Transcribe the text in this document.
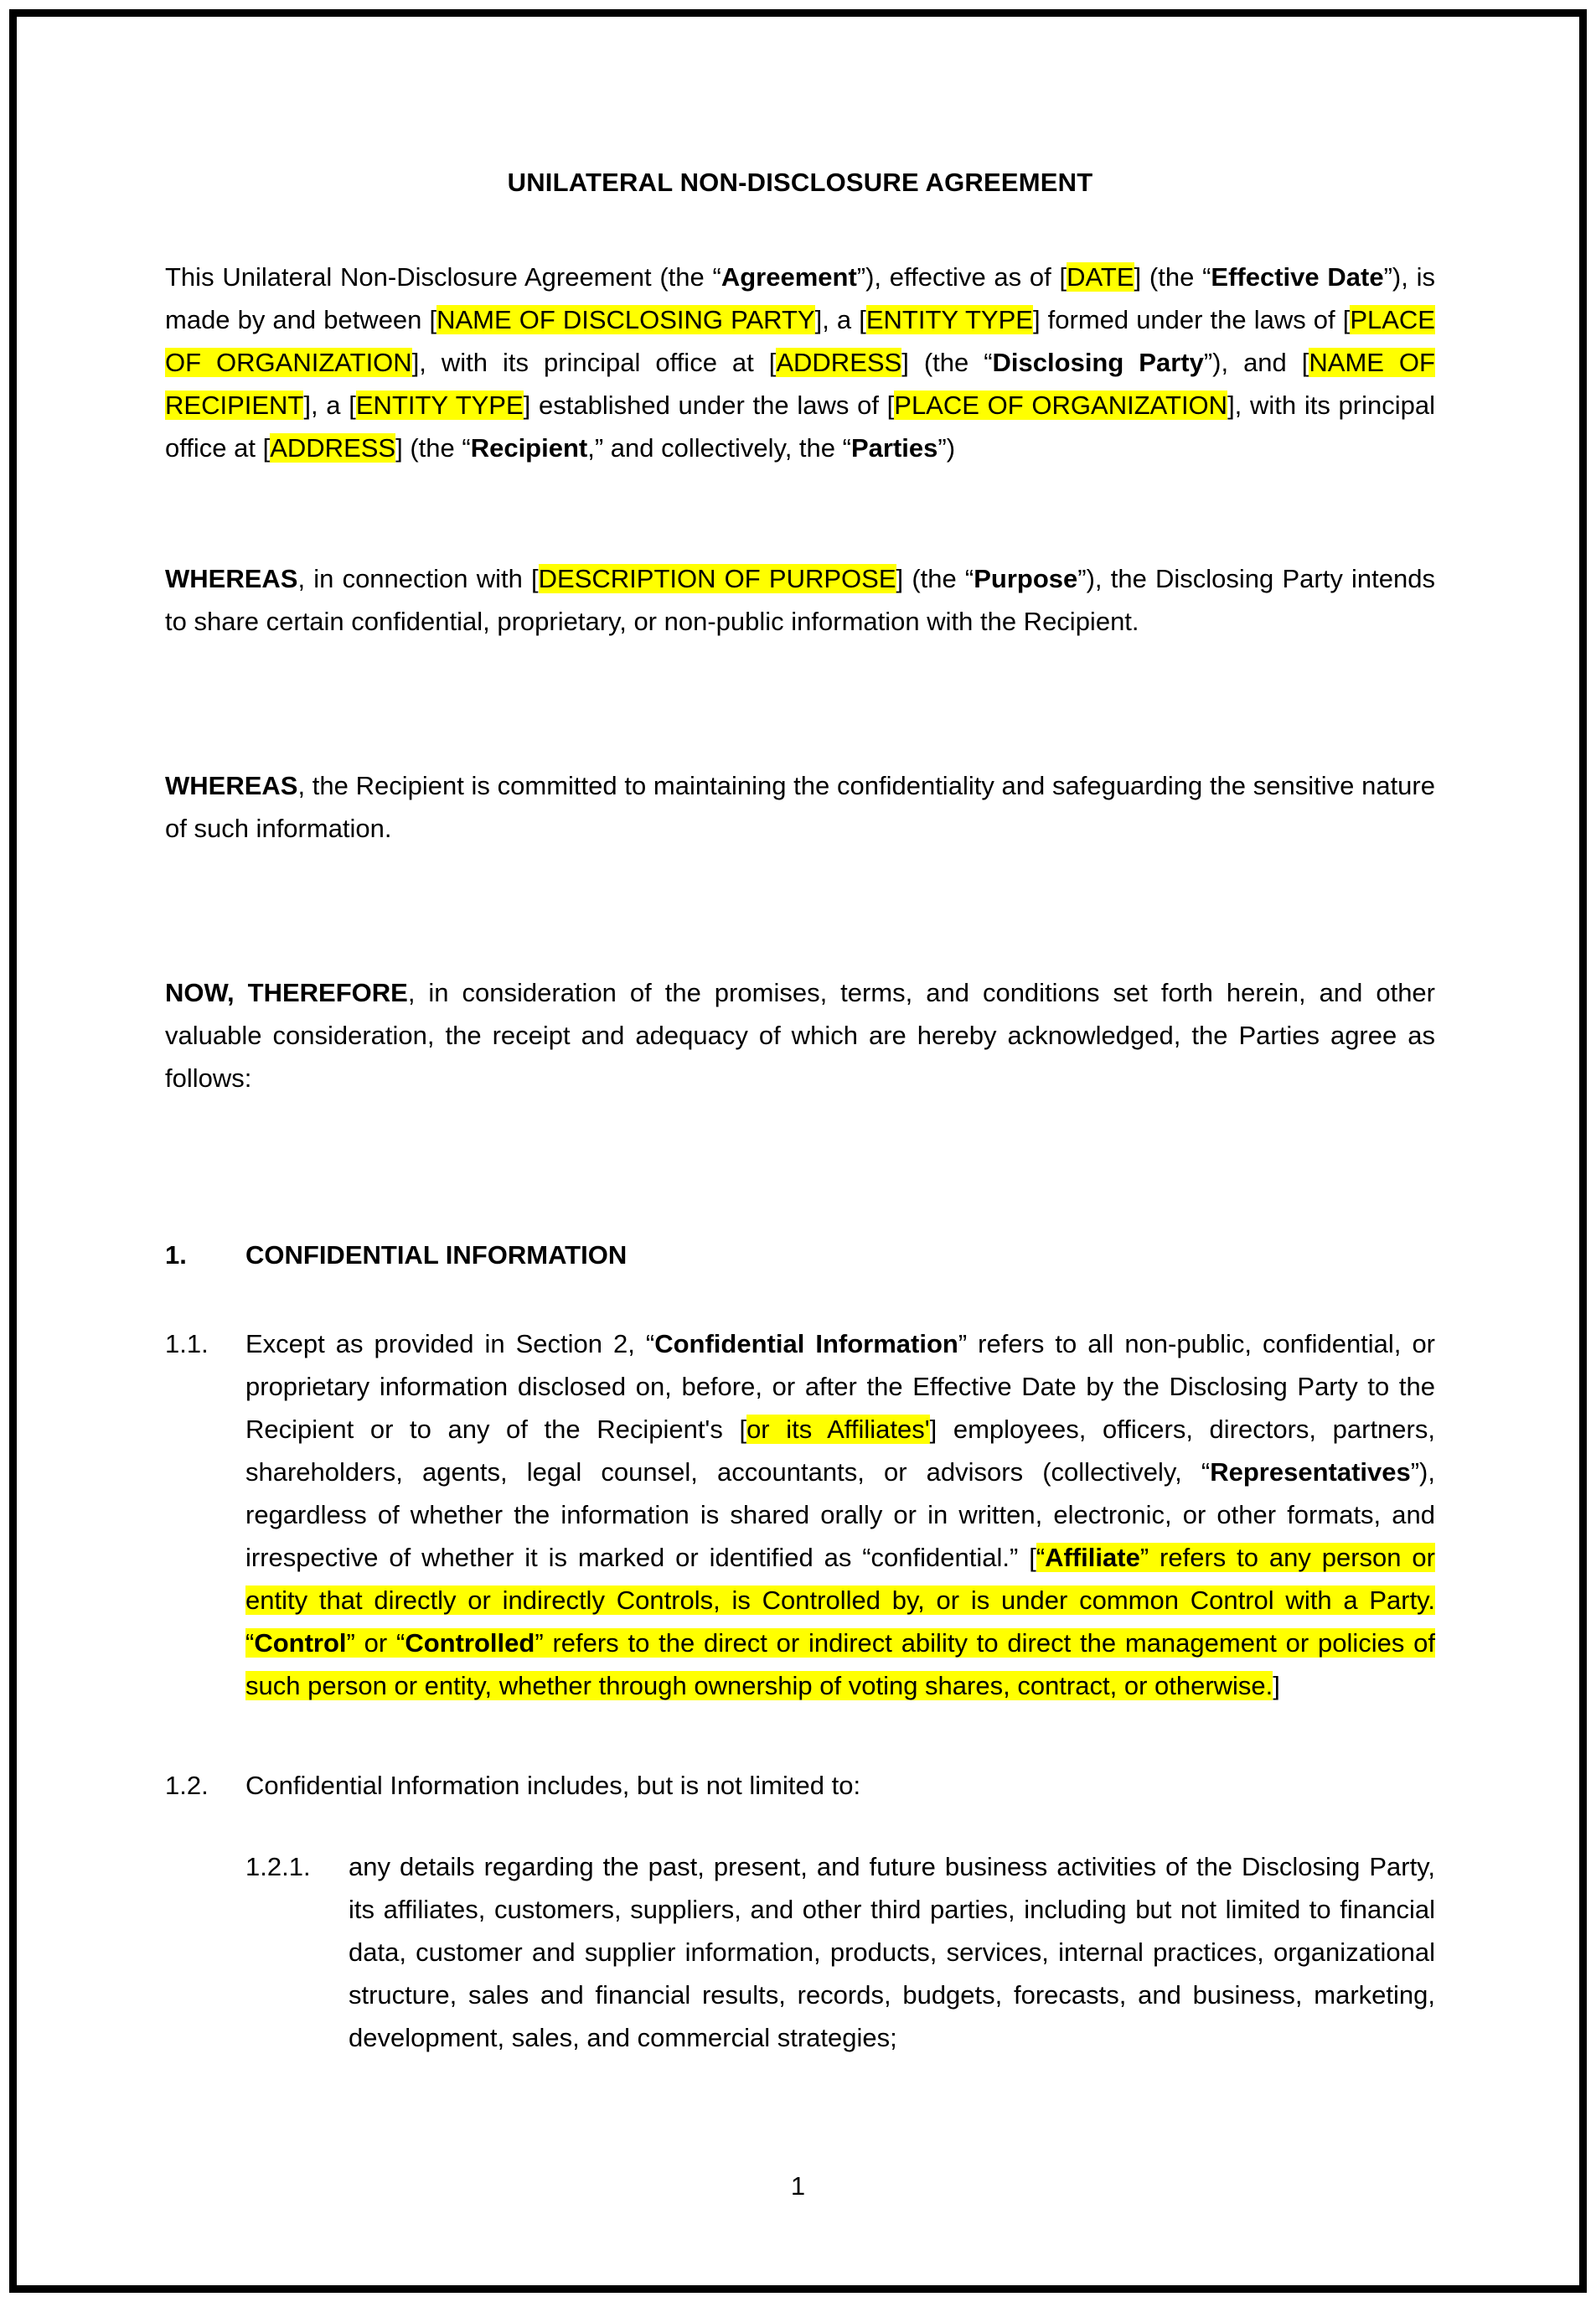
UNILATERAL NON-DISCLOSURE AGREEMENT

This Unilateral Non-Disclosure Agreement (the “Agreement”), effective as of [DATE] (the “Effective Date”), is made by and between [NAME OF DISCLOSING PARTY], a [ENTITY TYPE] formed under the laws of [PLACE OF ORGANIZATION], with its principal office at [ADDRESS] (the “Disclosing Party”), and [NAME OF RECIPIENT], a [ENTITY TYPE] established under the laws of [PLACE OF ORGANIZATION], with its principal office at [ADDRESS] (the “Recipient,” and collectively, the “Parties”)

WHEREAS, in connection with [DESCRIPTION OF PURPOSE] (the “Purpose”), the Disclosing Party intends to share certain confidential, proprietary, or non-public information with the Recipient.

WHEREAS, the Recipient is committed to maintaining the confidentiality and safeguarding the sensitive nature of such information.

NOW, THEREFORE, in consideration of the promises, terms, and conditions set forth herein, and other valuable consideration, the receipt and adequacy of which are hereby acknowledged, the Parties agree as follows:

1.	CONFIDENTIAL INFORMATION
1.1.	Except as provided in Section 2, “Confidential Information” refers to all non-public, confidential, or proprietary information disclosed on, before, or after the Effective Date by the Disclosing Party to the Recipient or to any of the Recipient's [or its Affiliates'] employees, officers, directors, partners, shareholders, agents, legal counsel, accountants, or advisors (collectively, “Representatives”), regardless of whether the information is shared orally or in written, electronic, or other formats, and irrespective of whether it is marked or identified as “confidential.” [“Affiliate” refers to any person or entity that directly or indirectly Controls, is Controlled by, or is under common Control with a Party. “Control” or “Controlled” refers to the direct or indirect ability to direct the management or policies of such person or entity, whether through ownership of voting shares, contract, or otherwise.]
1.2.	Confidential Information includes, but is not limited to:
1.2.1.	any details regarding the past, present, and future business activities of the Disclosing Party, its affiliates, customers, suppliers, and other third parties, including but not limited to financial data, customer and supplier information, products, services, internal practices, organizational structure, sales and financial results, records, budgets, forecasts, and business, marketing, development, sales, and commercial strategies;
1
